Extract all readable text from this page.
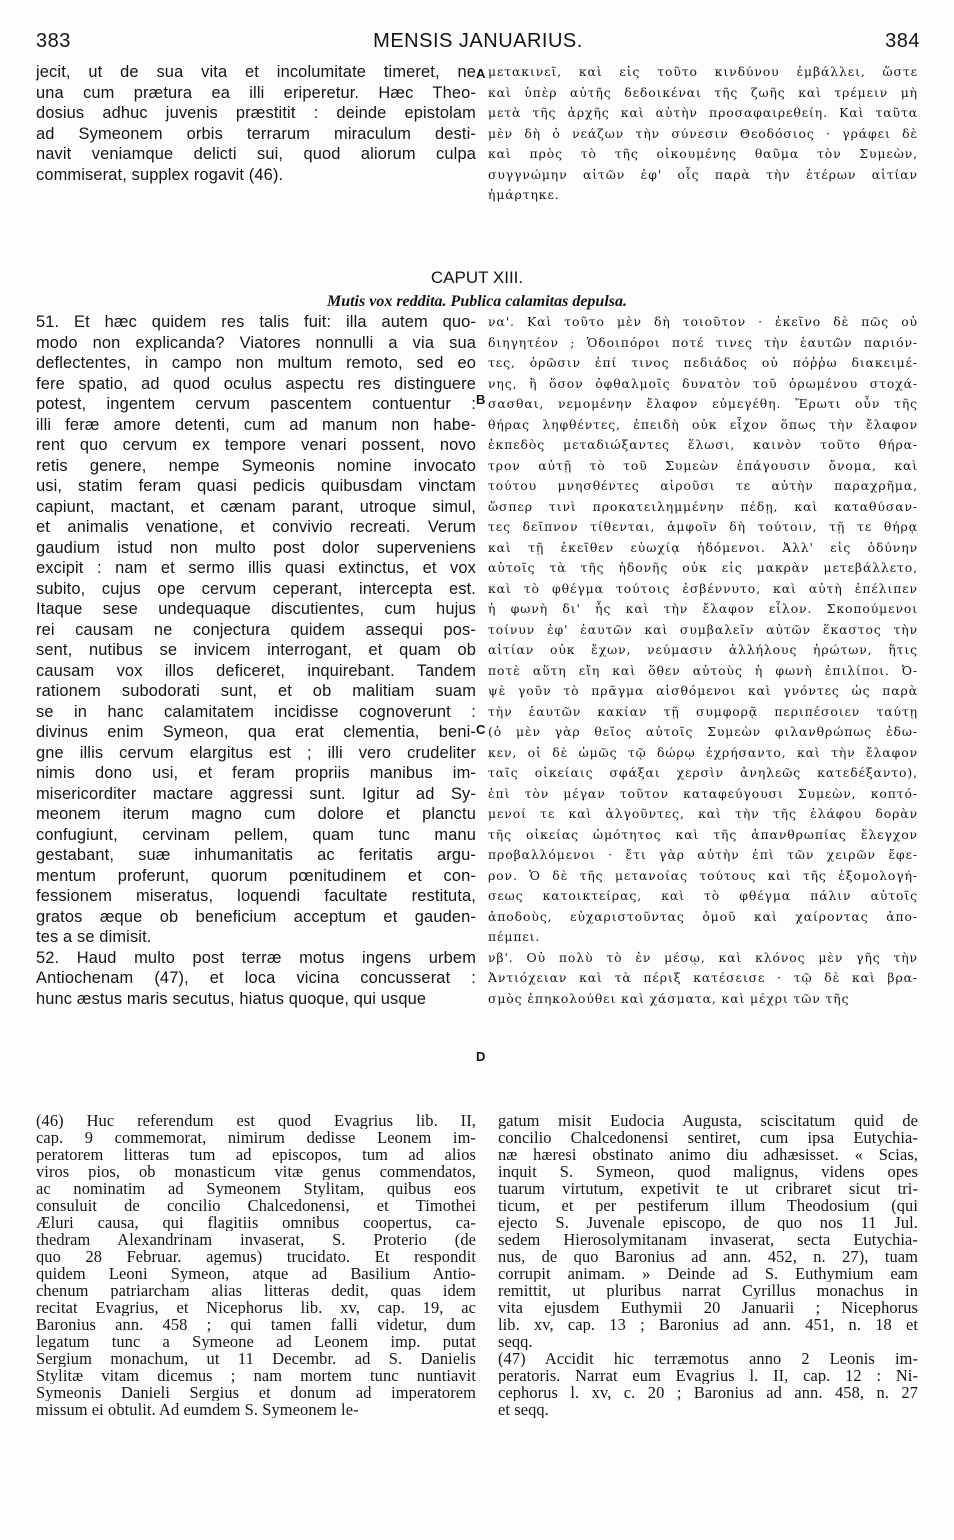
383	MENSIS JANUARIUS.	384
jecit, ut de sua vita et incolumitate timeret, ne
una cum prætura ea illi eriperetur. Hæc Theo-
dosius adhuc juvenis præstitit : deinde epistolam
ad Symeonem orbis terrarum miraculum desti-
navit veniamque delicti sui, quod aliorum culpa
commiserat, supplex rogavit (46).
μετακινεῖ, καὶ εἰς τοῦτο κινδύνου ἐμβάλλει, ὥστε
καὶ ὑπὲρ αὐτῆς δεδοικέναι τῆς ζωῆς καὶ τρέμειν μὴ
μετὰ τῆς ἀρχῆς καὶ αὐτὴν προσαφαιρεθείη. Καὶ ταῦτα
μὲν δὴ ὁ νεάζων τὴν σύνεσιν Θεοδόσιος · γράφει δὲ
καὶ πρὸς τὸ τῆς οἰκουμένης θαῦμα τὸν Συμεὼν,
συγγνώμην αἰτῶν ἐφ' οἷς παρὰ τὴν ἑτέρων αἰτίαν
ἡμάρτηκε.
CAPUT XIII.
Mutis vox reddita. Publica calamitas depulsa.
51. Et hæc quidem res talis fuit: illa autem quo-
modo non explicanda? Viatores nonnulli a via sua
deflectentes, in campo non multum remoto, sed eo
fere spatio, ad quod oculus aspectu res distinguere
potest, ingentem cervum pascentem contuentur :
illi feræ amore detenti, cum ad manum non habe-
rent quo cervum ex tempore venari possent, novo
retis genere, nempe Symeonis nomine invocato
usi, statim feram quasi pedicis quibusdam vinctam
capiunt, mactant, et cænam parant, utroque simul,
et animalis venatione, et convivio recreati. Verum
gaudium istud non multo post dolor superveniens
excipit : nam et sermo illis quasi extinctus, et vox
subito, cujus ope cervum ceperant, intercepta est.
Itaque sese undequaque discutientes, cum hujus
rei causam ne conjectura quidem assequi pos-
sent, nutibus se invicem interrogant, et quam ob
causam vox illos deficeret, inquirebant. Tandem
rationem subodorati sunt, et ob malitiam suam
se in hanc calamitatem incidisse cognoverunt :
divinus enim Symeon, qua erat clementia, beni-
gne illis cervum elargitus est ; illi vero crudeliter
nimis dono usi, et feram propriis manibus im-
misericorditer mactare aggressi sunt. Igitur ad Sy-
meonem iterum magno cum dolore et planctu
confugiunt, cervinam pellem, quam tunc manu
gestabant, suæ inhumanitatis ac feritatis argu-
mentum proferunt, quorum pœnitudinem et con-
fessionem miseratus, loquendi facultate restituta,
gratos æque ob beneficium acceptum et gauden-
tes a se dimisit.
52. Haud multo post terræ motus ingens urbem
Antiochenam (47), et loca vicina concusserat :
hunc æstus maris secutus, hiatus quoque, qui usque
να'. Καὶ τοῦτο μὲν δὴ τοιοῦτον · ἐκεῖνο δὲ πῶς οὐ
διηγητέον ; Ὁδοιπόροι ποτέ τινες τὴν ἑαυτῶν παριόν-
τες, ὁρῶσιν ἐπί τινος πεδιάδος οὐ πόῤῥω διακειμέ-
νης, ἢ ὅσον ὀφθαλμοῖς δυνατὸν τοῦ ὁρωμένου στοχά-
σασθαι, νεμομένην ἔλαφον εὐμεγέθη. Ἔρωτι οὖν τῆς
θήρας ληφθέντες, ἐπειδὴ οὐκ εἶχον ὅπως τὴν ἔλαφον
ἐκπεδὸς μεταδιώξαντες ἕλωσι, καινὸν τοῦτο θήρα-
τρον αὐτῇ τὸ τοῦ Συμεὼν ἐπάγουσιν ὄνομα, καὶ
τούτου μνησθέντες αἱροῦσι τε αὐτὴν παραχρῆμα,
ὥσπερ τινὶ προκατειλημμένην πέδῃ, καὶ καταθύσαν-
τες δεῖπνον τίθενται, ἀμφοῖν δὴ τούτοιν, τῇ τε θήρᾳ
καὶ τῇ ἐκεῖθεν εὐωχίᾳ ἡδόμενοι. Ἀλλ' εἰς ὀδύνην
αὐτοῖς τὰ τῆς ἡδονῆς οὐκ εἰς μακρὰν μετεβάλλετο,
καὶ τὸ φθέγμα τούτοις ἐσβέννυτο, καὶ αὐτὴ ἐπέλιπεν
ἡ φωνὴ δι' ἧς καὶ τὴν ἔλαφον εἷλον. Σκοπούμενοι
τοίνυν ἐφ' ἑαυτῶν καὶ συμβαλεῖν αὐτῶν ἕκαστος τὴν
αἰτίαν οὐκ ἔχων, νεύμασιν ἀλλήλους ἠρώτων, ἥτις
ποτὲ αὕτη εἴη καὶ ὅθεν αὐτοὺς ἡ φωνὴ ἐπιλίποι. Ὀ-
ψὲ γοῦν τὸ πρᾶγμα αἰσθόμενοι καὶ γνόντες ὡς παρὰ
τὴν ἑαυτῶν κακίαν τῇ συμφορᾷ περιπέσοιεν ταύτῃ
(ὁ μὲν γὰρ θεῖος αὐτοῖς Συμεὼν φιλανθρώπως ἐδω-
κεν, οἱ δὲ ὠμῶς τῷ δώρῳ ἐχρήσαντο, καὶ τὴν ἔλαφον
ταῖς οἰκείαις σφάξαι χερσὶν ἀνηλεῶς κατεδέξαντο),
ἐπὶ τὸν μέγαν τοῦτον καταφεύγουσι Συμεὼν, κοπτό-
μενοί τε καὶ ἀλγοῦντες, καὶ τὴν τῆς ἐλάφου δορὰν
τῆς οἰκείας ὠμότητος καὶ τῆς ἀπανθρωπίας ἔλεγχον
προβαλλόμενοι · ἔτι γὰρ αὐτὴν ἐπὶ τῶν χειρῶν ἔφε-
ρον. Ὁ δὲ τῆς μετανοίας τούτους καὶ τῆς ἐξομολογή-
σεως κατοικτείρας, καὶ τὸ φθέγμα πάλιν αὐτοῖς
ἀποδοὺς, εὐχαριστοῦντας ὁμοῦ καὶ χαίροντας ἀπο-
πέμπει.
νβ'. Οὐ πολὺ τὸ ἐν μέσῳ, καὶ κλόνος μὲν γῆς τὴν
Ἀντιόχειαν καὶ τὰ πέριξ κατέσεισε · τῷ δὲ καὶ βρα-
σμὸς ἐπηκολούθει καὶ χάσματα, καὶ μέχρι τῶν τῆς
A
B
C
D
(46) Huc referendum est quod Evagrius lib. II,
cap. 9 commemorat, nimirum dedisse Leonem im-
peratorem litteras tum ad episcopos, tum ad alios
viros pios, ob monasticum vitæ genus commendatos,
ac nominatim ad Symeonem Stylitam, quibus eos
consuluit de concilio Chalcedonensi, et Timothei
Æluri causa, qui flagitiis omnibus coopertus, ca-
thedram Alexandrinam invaserat, S. Proterio (de
quo 28 Februar. agemus) trucidato. Et respondit
quidem Leoni Symeon, atque ad Basilium Antio-
chenum patriarcham alias litteras dedit, quas idem
recitat Evagrius, et Nicephorus lib. xv, cap. 19, ac
Baronius ann. 458 ; qui tamen falli videtur, dum
legatum tunc a Symeone ad Leonem imp. putat
Sergium monachum, ut 11 Decembr. ad S. Danielis
Stylitæ vitam dicemus ; nam mortem tunc nuntiavit
Symeonis Danieli Sergius et donum ad imperatorem
missum ei obtulit. Ad eumdem S. Symeonem le-
gatum misit Eudocia Augusta, sciscitatum quid de
concilio Chalcedonensi sentiret, cum ipsa Eutychia-
næ hæresi obstinato animo diu adhæsisset. « Scias,
inquit S. Symeon, quod malignus, videns opes
tuarum virtutum, expetivit te ut cribraret sicut tri-
ticum, et per pestiferum illum Theodosium (qui
ejecto S. Juvenale episcopo, de quo nos 11 Jul.
sedem Hierosolymitanam invaserat, secta Eutychia-
nus, de quo Baronius ad ann. 452, n. 27), tuam
corrupit animam. » Deinde ad S. Euthymium eam
remittit, ut pluribus narrat Cyrillus monachus in
vita ejusdem Euthymii 20 Januarii ; Nicephorus
lib. xv, cap. 13 ; Baronius ad ann. 451, n. 18 et
seqq.
(47) Accidit hic terræmotus anno 2 Leonis im-
peratoris. Narrat eum Evagrius l. II, cap. 12 : Ni-
cephorus l. xv, c. 20 ; Baronius ad ann. 458, n. 27
et seqq.
